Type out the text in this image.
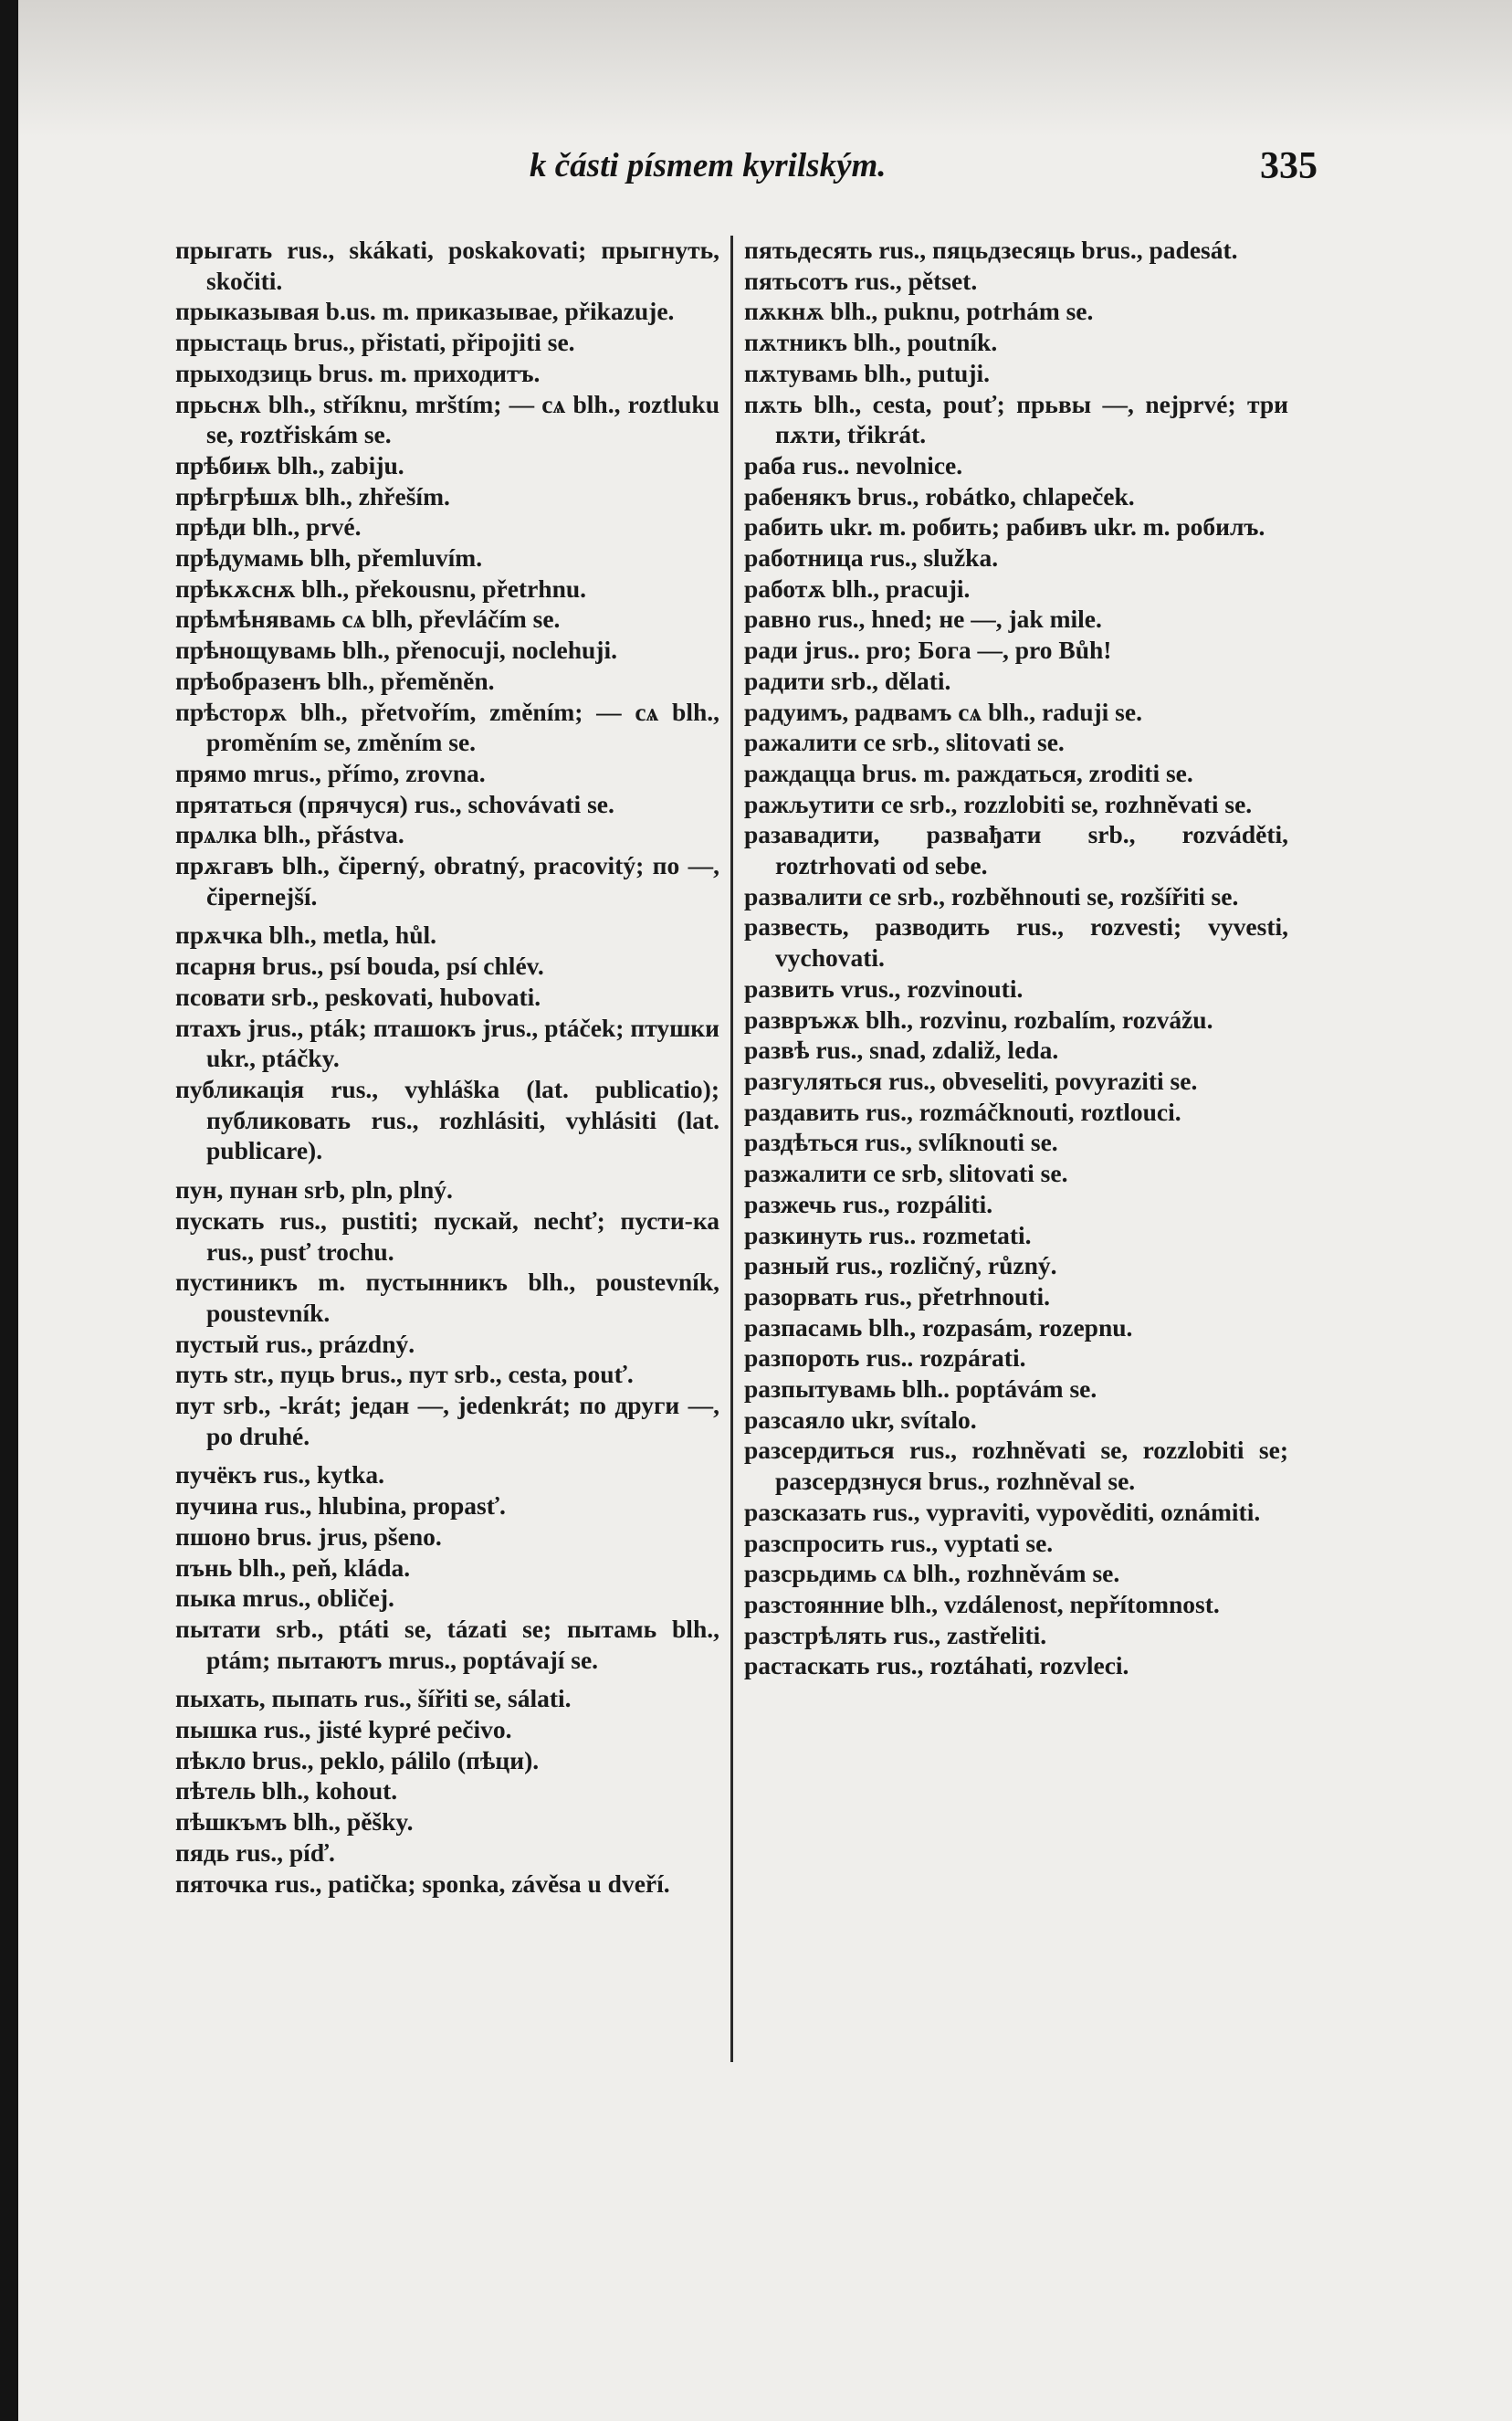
k části písmem kyrilským.	335

прыгать rus., skákati, poskakovati; прыгнуть, skočiti.

прыказывая b.us. m. приказывае, přikazuje.

прыстаць brus., přistati, připojiti se.

прыходзиць brus. m. приходитъ.

прьснѫ blh., stříknu, mrštím; — сѧ blh., roztluku se, roztřiskám se.

прѣбиѭ blh., zabiju.

прѣгрѣшѫ blh., zhřeším.

прѣди blh., prvé.

прѣдумамь blh, přemluvím.

прѣкѫснѫ blh., překousnu, přetrhnu.

прѣмѣнявамь сѧ blh, převláčím se.

прѣнощувамь blh., přenocuji, noclehuji.

прѣобразенъ blh., přeměněn.

прѣсторѫ blh., přetvořím, změním; — сѧ blh., proměním se, změním se.

прямо mrus., přímo, zrovna.

прятаться (прячуся) rus., schovávati se.

прѧлка blh., přástva.

прѫгавъ blh., čiperný, obratný, pracovitý; по —, čipernejší.

прѫчка blh., metla, hůl.

псарня brus., psí bouda, psí chlév.

псовати srb., peskovati, hubovati.

птахъ jrus., pták; пташокъ jrus., ptáček; птушки ukr., ptáčky.

публикація rus., vyhláška (lat. publicatio); публиковать rus., rozhlásiti, vyhlásiti (lat. publicare).

пун, пунан srb, pln, plný.

пускать rus., pustiti; пускай, nechť; пусти-ка rus., pusť trochu.

пустиникъ m. пустынникъ blh., poustevník, poustevník.

пустый rus., prázdný.

путь str., пуць brus., пут srb., cesta, pouť.

пут srb., -krát; један —, jedenkrát; по други —, po druhé.

пучёкъ rus., kytka.

пучина rus., hlubina, propasť.

пшоно brus. jrus, pšeno.

пънь blh., peň, kláda.

пыка mrus., obličej.

пытати srb., ptáti se, tázati se; пытамь blh., ptám; пытаютъ mrus., poptávají se.

пыхать, пыпать rus., šířiti se, sálati.

пышка rus., jisté kypré pečivo.

пѣкло brus., peklo, pálilo (пѣци).

пѣтель blh., kohout.

пѣшкъмъ blh., pěšky.

пядь rus., píď.

пяточка rus., patička; sponka, závěsa u dveří.

пятьдесять rus., пяцьдзесяць brus., padesát.

пятьсотъ rus., pětset.

пѫкнѫ blh., puknu, potrhám se.

пѫтникъ blh., poutník.

пѫтувамь blh., putuji.

пѫть blh., cesta, pouť; прьвы —, nejprvé; три пѫти, třikrát.

раба rus.. nevolnice.

рабенякъ brus., robátko, chlapeček.

рабить ukr. m. робить; рабивъ ukr. m. робилъ.

работница rus., služka.

работѫ blh., pracuji.

равно rus., hned; не —, jak mile.

ради jrus.. pro; Бога —, pro Bůh!

радити srb., dělati.

радуимъ, радвамъ сѧ blh., raduji se.

ражалити се srb., slitovati se.

раждацца brus. m. раждаться, zroditi se.

ражљутити се srb., rozzlobiti se, rozhněvati se.

разавадити, развађати srb., rozváděti, roztrhovati od sebe.

развалити се srb., rozběhnouti se, rozšířiti se.

развесть, разводить rus., rozvesti; vyvesti, vychovati.

развить vrus., rozvinouti.

развръжѫ blh., rozvinu, rozbalím, rozvážu.

развѣ rus., snad, zdaliž, leda.

разгуляться rus., obveseliti, povyraziti se.

раздавить rus., rozmáčknouti, roztlouci.

раздѣться rus., svlíknouti se.

разжалити се srb, slitovati se.

разжечь rus., rozpáliti.

разкинуть rus.. rozmetati.

разный rus., rozličný, různý.

разорвать rus., přetrhnouti.

разпасамь blh., rozpasám, rozepnu.

разпороть rus.. rozpárati.

разпытувамь blh.. poptávám se.

разсаяло ukr, svítalo.

разсердиться rus., rozhněvati se, rozzlobiti se; разсердзнуся brus., rozhněval se.

разсказать rus., vypraviti, vypověditi, oznámiti.

разспросить rus., vyptati se.

разсрьдимь сѧ blh., rozhněvám se.

разстоянние blh., vzdálenost, nepřítomnost.

разстрѣлять rus., zastřeliti.

растаскать rus., roztáhati, rozvleci.
